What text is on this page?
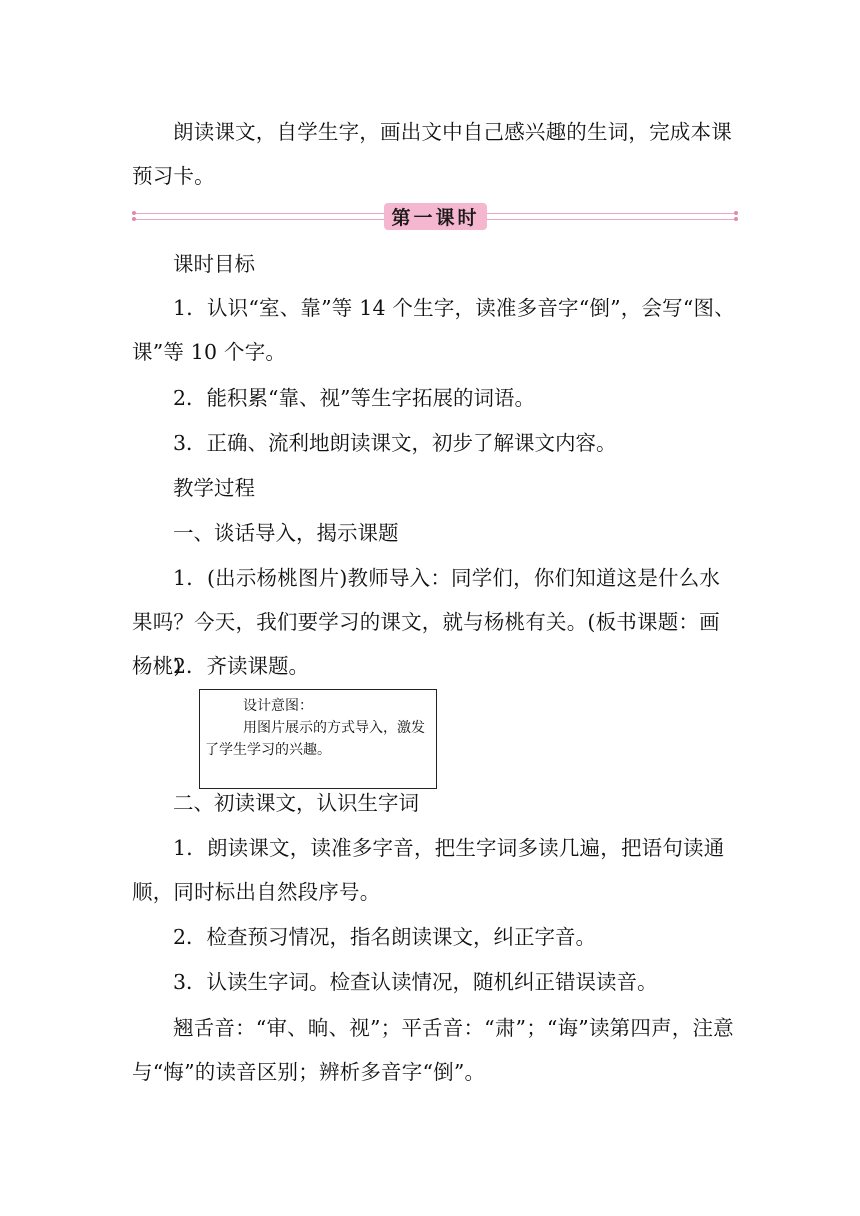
朗读课文，自学生字，画出文中自己感兴趣的生词，完成本课预习卡。

第一课时

课时目标

1．认识“室、靠”等 14 个生字，读准多音字“倒”，会写“图、课”等 10 个字。

2．能积累“靠、视”等生字拓展的词语。

3．正确、流利地朗读课文，初步了解课文内容。

教学过程

一、谈话导入，揭示课题

1．(出示杨桃图片)教师导入：同学们，你们知道这是什么水果吗？今天，我们要学习的课文，就与杨桃有关。(板书课题：画杨桃)

2．齐读课题。

设计意图：
用图片展示的方式导入，激发了学生学习的兴趣。

二、初读课文，认识生字词

1．朗读课文，读准多字音，把生字词多读几遍，把语句读通顺，同时标出自然段序号。

2．检查预习情况，指名朗读课文，纠正字音。

3．认读生字词。检查认读情况，随机纠正错误读音。

翘舌音：“审、晌、视”；平舌音：“肃”；“诲”读第四声，注意与“悔”的读音区别；辨析多音字“倒”。
